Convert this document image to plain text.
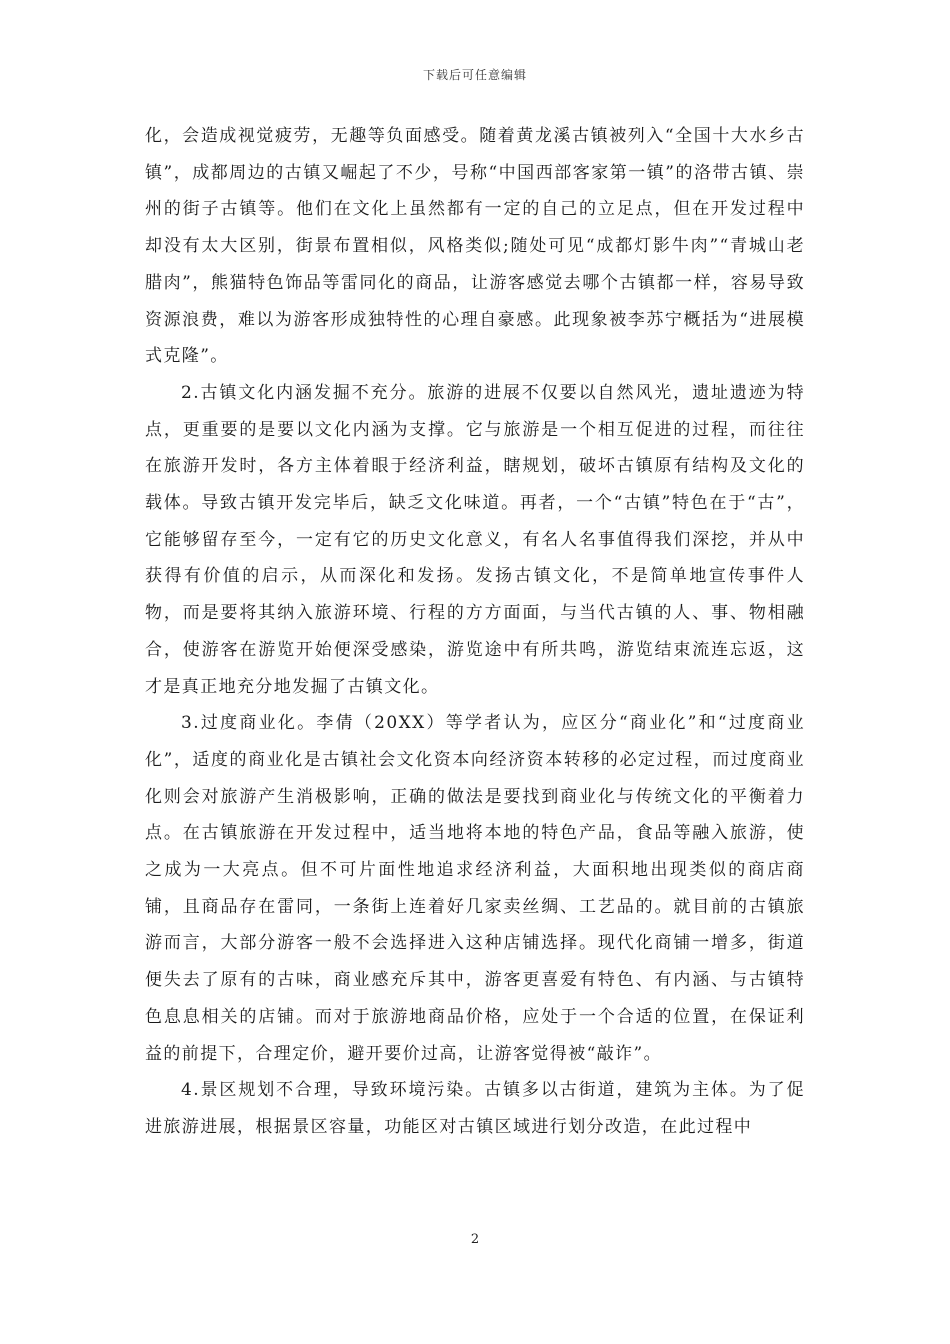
下载后可任意编辑

化，会造成视觉疲劳，无趣等负面感受。随着黄龙溪古镇被列入“全国十大水乡古镇”，成都周边的古镇又崛起了不少，号称“中国西部客家第一镇”的洛带古镇、崇州的街子古镇等。他们在文化上虽然都有一定的自己的立足点，但在开发过程中却没有太大区别，街景布置相似，风格类似;随处可见“成都灯影牛肉”“青城山老腊肉”，熊猫特色饰品等雷同化的商品，让游客感觉去哪个古镇都一样，容易导致资源浪费，难以为游客形成独特性的心理自豪感。此现象被李苏宁概括为“进展模式克隆”。

2.古镇文化内涵发掘不充分。旅游的进展不仅要以自然风光，遗址遗迹为特点，更重要的是要以文化内涵为支撑。它与旅游是一个相互促进的过程，而往往在旅游开发时，各方主体着眼于经济利益，瞎规划，破坏古镇原有结构及文化的载体。导致古镇开发完毕后，缺乏文化味道。再者，一个“古镇”特色在于“古”，它能够留存至今，一定有它的历史文化意义，有名人名事值得我们深挖，并从中获得有价值的启示，从而深化和发扬。发扬古镇文化，不是简单地宣传事件人物，而是要将其纳入旅游环境、行程的方方面面，与当代古镇的人、事、物相融合，使游客在游览开始便深受感染，游览途中有所共鸣，游览结束流连忘返，这才是真正地充分地发掘了古镇文化。

3.过度商业化。李倩（20XX）等学者认为，应区分“商业化”和“过度商业化”，适度的商业化是古镇社会文化资本向经济资本转移的必定过程，而过度商业化则会对旅游产生消极影响，正确的做法是要找到商业化与传统文化的平衡着力点。在古镇旅游在开发过程中，适当地将本地的特色产品，食品等融入旅游，使之成为一大亮点。但不可片面性地追求经济利益，大面积地出现类似的商店商铺，且商品存在雷同，一条街上连着好几家卖丝绸、工艺品的。就目前的古镇旅游而言，大部分游客一般不会选择进入这种店铺选择。现代化商铺一增多，街道便失去了原有的古味，商业感充斥其中，游客更喜爱有特色、有内涵、与古镇特色息息相关的店铺。而对于旅游地商品价格，应处于一个合适的位置，在保证利益的前提下，合理定价，避开要价过高，让游客觉得被“敲诈”。

4.景区规划不合理，导致环境污染。古镇多以古街道，建筑为主体。为了促进旅游进展，根据景区容量，功能区对古镇区域进行划分改造，在此过程中

2
